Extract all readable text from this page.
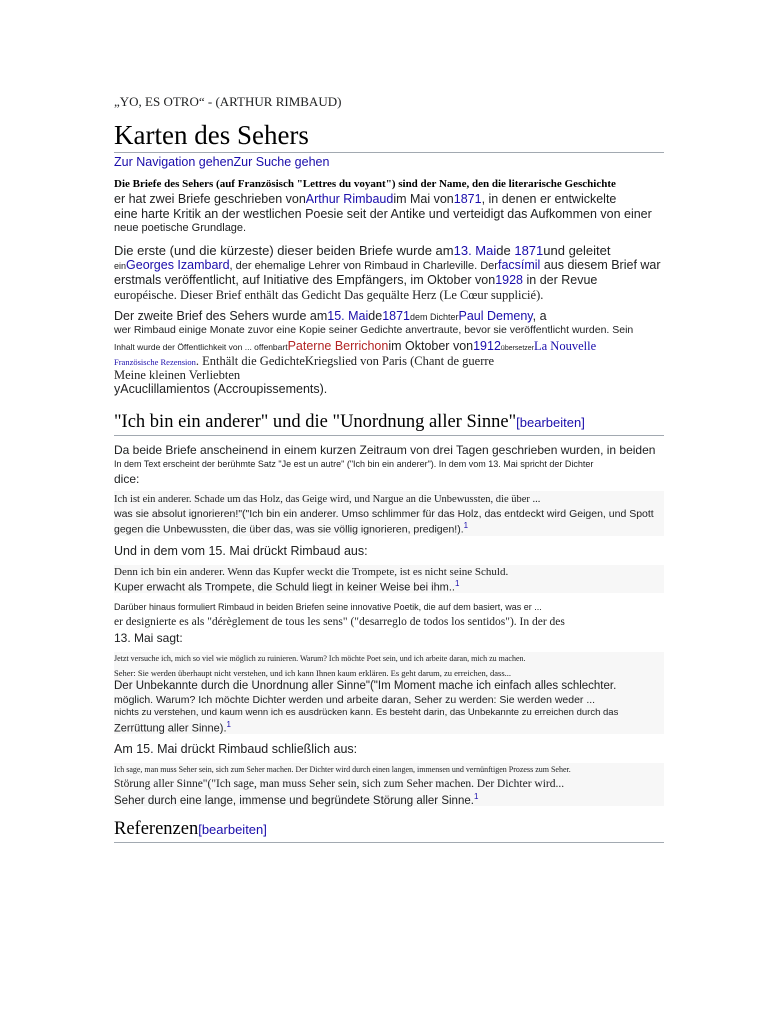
„YO, ES OTRO“ - (ARTHUR RIMBAUD)
Karten des Sehers
Zur Navigation gehenZur Suche gehen
Die Briefe des Sehers (auf Französisch "Lettres du voyant") sind der Name, den die literarische Geschichte
er hat zwei Briefe geschrieben vonArthur Rimbaudim Mai von1871, in denen er entwickelte
eine harte Kritik an der westlichen Poesie seit der Antike und verteidigt das Aufkommen von einer
neue poetische Grundlage.
Die erste (und die kürzeste) dieser beiden Briefe wurde am13. Maide 1871und geleitet
einGeorges Izambard, der ehemalige Lehrer von Rimbaud in Charleville. Derfacsímil aus diesem Brief war
erstmals veröffentlicht, auf Initiative des Empfängers, im Oktober von1928 in der Revue
européische. Dieser Brief enthält das Gedicht Das gequälte Herz (Le Cœur supplicié).
Der zweite Brief des Sehers wurde am15. Maide1871dem DichterPaul Demeny, a
wer Rimbaud einige Monate zuvor eine Kopie seiner Gedichte anvertraute, bevor sie veröffentlicht wurden. Sein
Inhalt wurde der Öffentlichkeit von ... offenbartPaterne Berrichonim Oktober von1912übersetzerLa Nouvelle
Französische Rezension. Enthält die GedichteKriegslied von Paris (Chant de guerre
Meine kleinen Verliebten
yAcuclillamientos (Accroupissements).
"Ich bin ein anderer" und die "Unordnung aller Sinne"[bearbeiten]
Da beide Briefe anscheinend in einem kurzen Zeitraum von drei Tagen geschrieben wurden, in beiden
In dem Text erscheint der berühmte Satz "Je est un autre" ("Ich bin ein anderer"). In dem vom 13. Mai spricht der Dichter
dice:
Ich ist ein anderer. Schade um das Holz, das Geige wird, und Nargue an die Unbewussten, die über ...
was sie absolut ignorieren!"("Ich bin ein anderer. Umso schlimmer für das Holz, das entdeckt wird Geigen, und Spott
gegen die Unbewussten, die über das, was sie völlig ignorieren, predigen!).$^1$
Und in dem vom 15. Mai drückt Rimbaud aus:
Denn ich bin ein anderer. Wenn das Kupfer weckt die Trompete, ist es nicht seine Schuld.
Kuper erwacht als Trompete, die Schuld liegt in keiner Weise bei ihm..$^1$
Darüber hinaus formuliert Rimbaud in beiden Briefen seine innovative Poetik, die auf dem basiert, was er ...
er designierte es als "dérèglement de tous les sens" ("desarreglo de todos los sentidos"). In der des
13. Mai sagt:
Jetzt versuche ich, mich so viel wie möglich zu ruinieren. Warum? Ich möchte Poet sein, und ich arbeite daran, mich zu machen.
Seher: Sie werden überhaupt nicht verstehen, und ich kann Ihnen kaum erklären. Es geht darum, zu erreichen, dass...
Der Unbekannte durch die Unordnung aller Sinne"("Im Moment mache ich einfach alles schlechter.
möglich. Warum? Ich möchte Dichter werden und arbeite daran, Seher zu werden: Sie werden weder ...
nichts zu verstehen, und kaum wenn ich es ausdrücken kann. Es besteht darin, das Unbekannte zu erreichen durch das
Zerrüttung aller Sinne).$^1$
Am 15. Mai drückt Rimbaud schließlich aus:
Ich sage, man muss Seher sein, sich zum Seher machen. Der Dichter wird durch einen langen, immensen und vernünftigen Prozess zum Seher.
Störung aller Sinne"("Ich sage, man muss Seher sein, sich zum Seher machen. Der Dichter wird...
Seher durch eine lange, immense und begründete Störung aller Sinne.$^1$
Referenzen[bearbeiten]
